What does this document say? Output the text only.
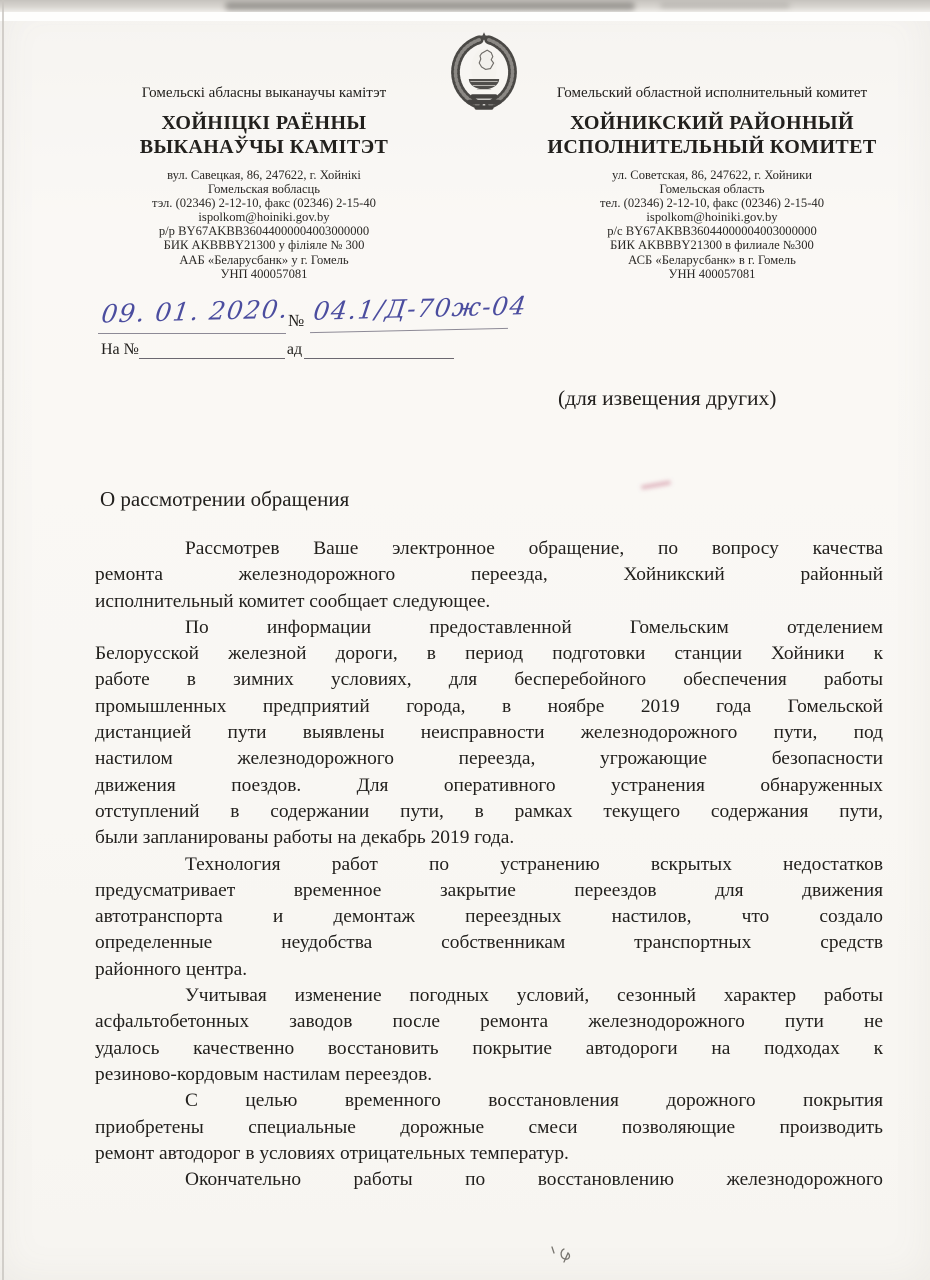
Гомельскі абласны выканаучы камітэт
ХОЙНІЦКІ РАЁННЫ
ВЫКАНАЎЧЫ КАМІТЭТ
вул. Савецкая, 86, 247622, г. Хойнікі
Гомельская вобласць
тэл. (02346) 2-12-10, факс (02346) 2-15-40
ispolkom@hoiniki.gov.by
р/р BY67AKBB36044000004003000000
БИК AKBBBY21300 у філіяле № 300
ААБ «Беларусбанк» у г. Гомель
УНП 400057081
Гомельский областной исполнительный комитет
ХОЙНИКСКИЙ РАЙОННЫЙ
ИСПОЛНИТЕЛЬНЫЙ КОМИТЕТ
ул. Советская, 86, 247622, г. Хойники
Гомельская область
тел. (02346) 2-12-10, факс (02346) 2-15-40
ispolkom@hoiniki.gov.by
р/с BY67AKBB36044000004003000000
БИК AKBBBY21300 в филиале №300
АСБ «Беларусбанк» в г. Гомель
УНН 400057081
09. 01. 2020.
№ 04.1/Д-70ж-04
На №	ад
(для извещения других)
О рассмотрении обращения
Рассмотрев Ваше электронное обращение, по вопросу качества
ремонта железнодорожного переезда, Хойникский районный
исполнительный комитет сообщает следующее.
По информации предоставленной Гомельским отделением
Белорусской железной дороги, в период подготовки станции Хойники к
работе в зимних условиях, для бесперебойного обеспечения работы
промышленных предприятий города, в ноябре 2019 года Гомельской
дистанцией пути выявлены неисправности железнодорожного пути, под
настилом железнодорожного переезда, угрожающие безопасности
движения поездов. Для оперативного устранения обнаруженных
отступлений в содержании пути, в рамках текущего содержания пути,
были запланированы работы на декабрь 2019 года.
Технология работ по устранению вскрытых недостатков
предусматривает временное закрытие переездов для движения
автотранспорта и демонтаж переездных настилов, что создало
определенные неудобства собственникам транспортных средств
районного центра.
Учитывая изменение погодных условий, сезонный характер работы
асфальтобетонных заводов после ремонта железнодорожного пути не
удалось качественно восстановить покрытие автодороги на подходах к
резиново-кордовым настилам переездов.
С целью временного восстановления дорожного покрытия
приобретены специальные дорожные смеси позволяющие производить
ремонт автодорог в условиях отрицательных температур.
Окончательно работы по восстановлению железнодорожного
